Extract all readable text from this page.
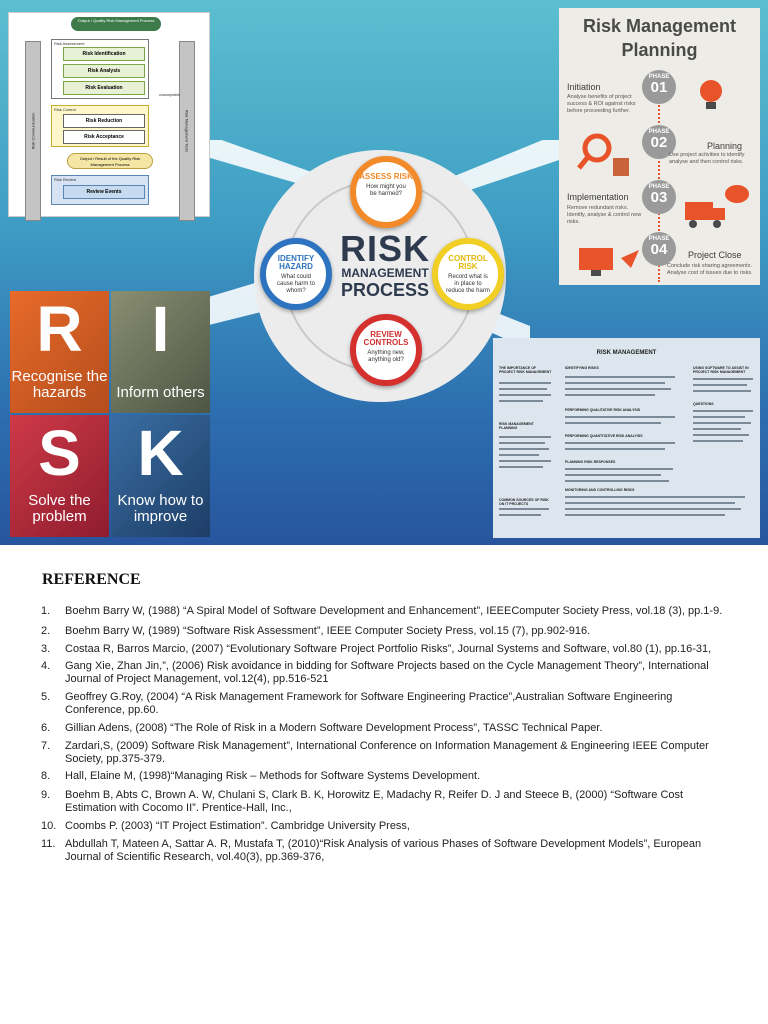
Output / Quality Risk Management Process
Risk Communication	Risk Management Tools
Risk Assessment
Risk Identification
Risk Analysis
Risk Evaluation
Risk Control
Risk Reduction
Risk Acceptance
unacceptable
Output / Result of the Quality Risk Management Process
Risk Review
Review Events
RISK
MANAGEMENT
PROCESS
ASSESS RISK
How might you be harmed?
IDENTIFY HAZARD
What could cause harm to whom?
CONTROL RISK
Record what is in place to reduce the harm
REVIEW CONTROLS
Anything new, anything old?
Risk Management Planning
PHASE
01
Initiation
Analyse benefits of project success & ROI against risks before proceeding further.
PHASE
02	Planning
Use project activities to identify analyse and then control risks.
PHASE
03
Implementation
Remove redundant risks. Identify, analyse & control new risks.
PHASE
04	Project Close
Conclude risk sharing agreements. Analyse cost of issues due to risks.
R
Recognise the hazards
I
Inform others
S
Solve the problem
K
Know how to improve
RISK MANAGEMENT
THE IMPORTANCE OF PROJECT RISK MANAGEMENT
IDENTIFYING RISKS	USING SOFTWARE TO ASSIST IN PROJECT RISK MANAGEMENT
PERFORMING QUALITATIVE RISK ANALYSIS
QUESTIONS
RISK MANAGEMENT PLANNING
PERFORMING QUANTITATIVE RISK ANALYSIS
PLANNING RISK RESPONSES
MONITORING AND CONTROLLING RISKS
COMMON SOURCES OF RISK ON IT PROJECTS
REFERENCE
1. Boehm Barry W, (1988) “A Spiral Model of Software Development and Enhancement”, IEEEComputer Society Press, vol.18 (3), pp.1-9.
2. Boehm Barry W, (1989) “Software Risk Assessment”, IEEE Computer Society Press, vol.15 (7), pp.902-916.
3. Costaa R, Barros Marcio, (2007) “Evolutionary Software Project Portfolio Risks”, Journal Systems and Software, vol.80 (1), pp.16-31,
4. Gang Xie, Zhan Jin,”, (2006) Risk avoidance in bidding for Software Projects based on the Cycle Management Theory”, International Journal of Project Management, vol.12(4), pp.516-521
5. Geoffrey G.Roy, (2004) “A Risk Management Framework for Software Engineering Practice”,Australian Software Engineering Conference, pp.60.
6. Gillian Adens, (2008) “The Role of Risk in a Modern Software Development Process”, TASSC Technical Paper.
7. Zardari,S, (2009) Software Risk Management”, International Conference on Information Management & Engineering IEEE Computer Society, pp.375-379.
8. Hall, Elaine M, (1998)“Managing Risk – Methods for Software Systems Development.
9. Boehm B, Abts C, Brown A. W, Chulani S, Clark B. K, Horowitz E, Madachy R, Reifer D. J and Steece B, (2000) “Software Cost Estimation with Cocomo II”. Prentice-Hall, Inc.,
10. Coombs P. (2003) “IT Project Estimation”. Cambridge University Press,
11. Abdullah T, Mateen A, Sattar A. R, Mustafa T, (2010)“Risk Analysis of various Phases of Software Development Models”, European Journal of Scientific Research, vol.40(3), pp.369-376,
